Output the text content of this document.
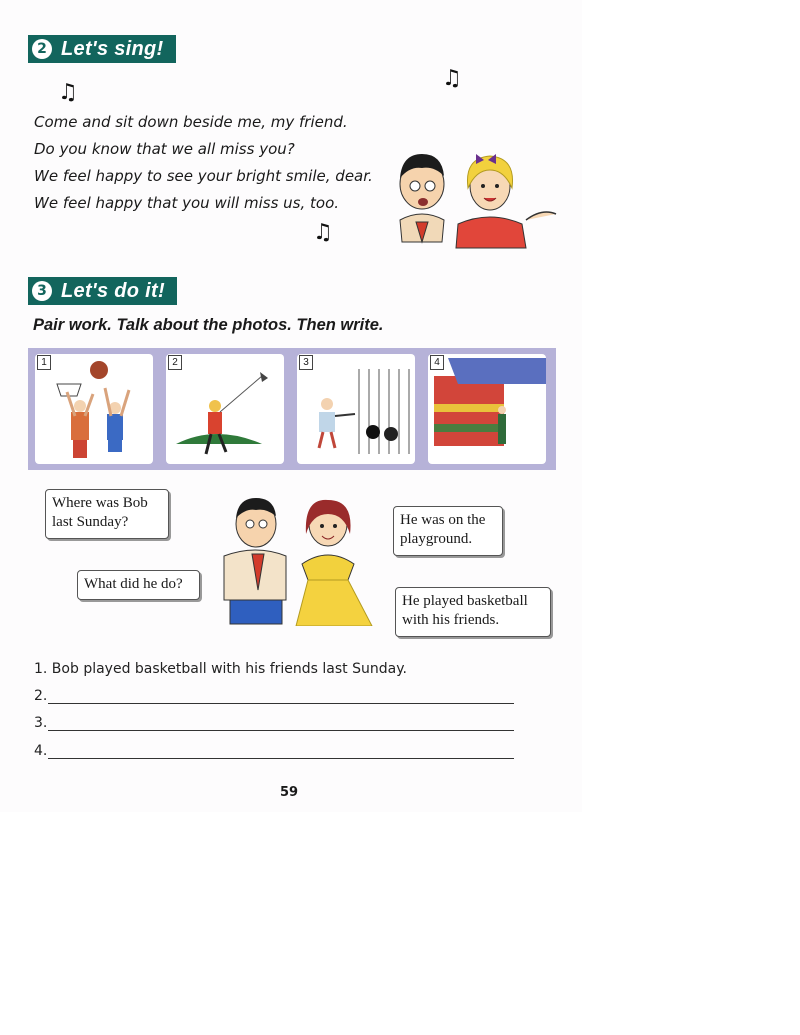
2 Let's sing!
♫
♫
♫
Come and sit down beside me, my friend.
Do you know that we all miss you?
We feel happy to see your bright smile, dear.
We feel happy that you will miss us, too.
3 Let's do it!
Pair work. Talk about the photos. Then write.
1	2	3	4
Where was Bob
last Sunday?	He was on the
playground.
What did he do?
He played basketball
with his friends.
1. Bob played basketball with his friends last Sunday.
2.
3.
4.
59
